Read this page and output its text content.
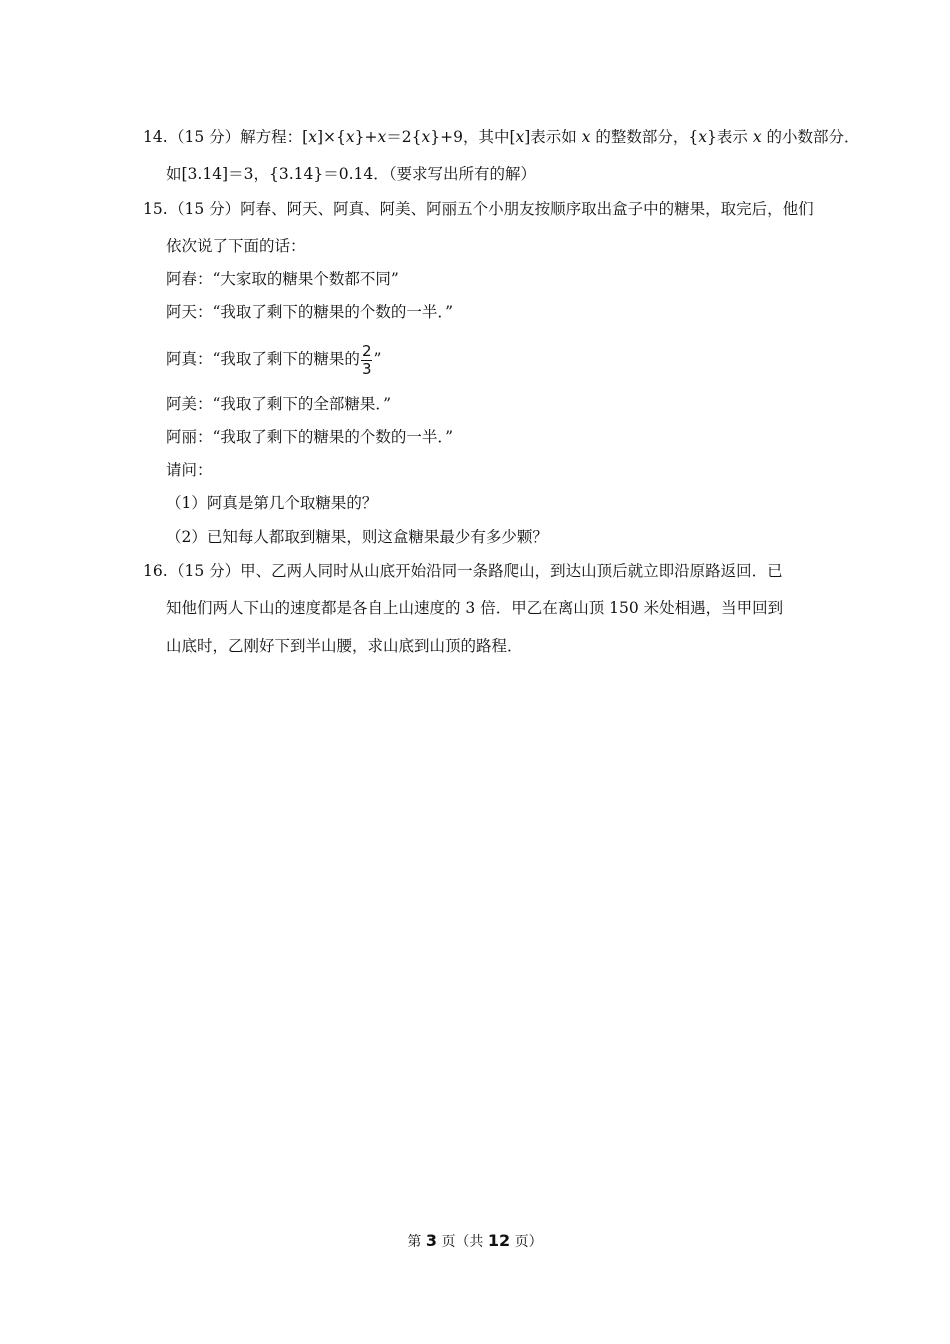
14.（15 分）解方程：[x]×{x}+x＝2{x}+9，其中[x]表示如 x 的整数部分，{x}表示 x 的小数部分．
如[3.14]＝3，{3.14}＝0.14．（要求写出所有的解）
15.（15 分）阿春、阿天、阿真、阿美、阿丽五个小朋友按顺序取出盒子中的糖果，取完后，他们
依次说了下面的话：
阿春：“大家取的糖果个数都不同”
阿天：“我取了剩下的糖果的个数的一半．”
阿真：“我取了剩下的糖果的 $\frac{2}{3}$ ”
阿美：“我取了剩下的全部糖果．”
阿丽：“我取了剩下的糖果的个数的一半．”
请问：
（1）阿真是第几个取糖果的？
（2）已知每人都取到糖果，则这盒糖果最少有多少颗？
16.（15 分）甲、乙两人同时从山底开始沿同一条路爬山，到达山顶后就立即沿原路返回．已
知他们两人下山的速度都是各自上山速度的 3 倍．甲乙在离山顶 150 米处相遇，当甲回到
山底时，乙刚好下到半山腰，求山底到山顶的路程．
第 3 页（共 12 页）
